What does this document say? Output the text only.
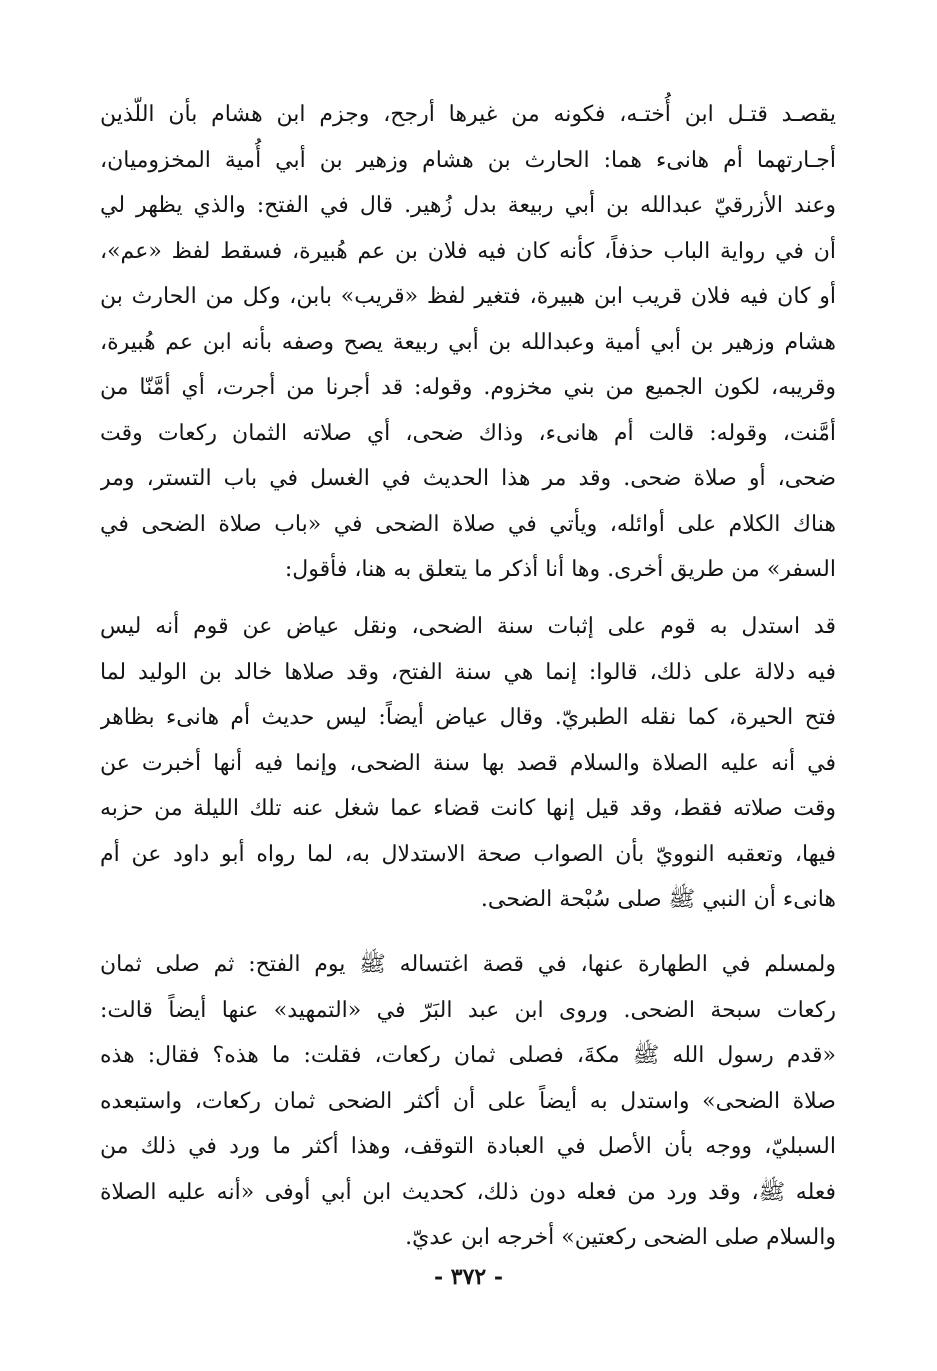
يقصـد قتـل ابن أُختـه، فكونه من غيرها أرجح، وجزم ابن هشام بأن اللّذين
أجـارتهما أم هانىء هما: الحارث بن هشام وزهير بن أبي أُمية المخزوميان،
وعند الأزرقيّ عبدالله بن أبي ربيعة بدل زُهير. قال في الفتح: والذي يظهر لي
أن في رواية الباب حذفاً، كأنه كان فيه فلان بن عم هُبيرة، فسقط لفظ «عم»،
أو كان فيه فلان قريب ابن هبيرة، فتغير لفظ «قريب» بابن، وكل من الحارث بن
هشام وزهير بن أبي أمية وعبدالله بن أبي ربيعة يصح وصفه بأنه ابن عم هُبيرة،
وقريبه، لكون الجميع من بني مخزوم. وقوله: قد أجرنا من أجرت، أي أمَّنّا من
أمَّنت، وقوله: قالت أم هانىء، وذاك ضحى، أي صلاته الثمان ركعات وقت
ضحى، أو صلاة ضحى. وقد مر هذا الحديث في الغسل في باب التستر، ومر
هناك الكلام على أوائله، ويأتي في صلاة الضحى في «باب صلاة الضحى في
السفر» من طريق أخرى. وها أنا أذكر ما يتعلق به هنا، فأقول:
قد استدل به قوم على إثبات سنة الضحى، ونقل عياض عن قوم أنه ليس
فيه دلالة على ذلك، قالوا: إنما هي سنة الفتح، وقد صلاها خالد بن الوليد لما
فتح الحيرة، كما نقله الطبريّ. وقال عياض أيضاً: ليس حديث أم هانىء بظاهر
في أنه عليه الصلاة والسلام قصد بها سنة الضحى، وإنما فيه أنها أخبرت عن
وقت صلاته فقط، وقد قيل إنها كانت قضاء عما شغل عنه تلك الليلة من حزبه
فيها، وتعقبه النوويّ بأن الصواب صحة الاستدلال به، لما رواه أبو داود عن أم
هانىء أن النبي ﷺ صلى سُبْحة الضحى.
ولمسلم في الطهارة عنها، في قصة اغتساله ﷺ يوم الفتح: ثم صلى ثمان
ركعات سبحة الضحى. وروى ابن عبد البَرّ في «التمهيد» عنها أيضاً قالت:
«قدم رسول الله ﷺ مكةَ، فصلى ثمان ركعات، فقلت: ما هذه؟ فقال: هذه
صلاة الضحى» واستدل به أيضاً على أن أكثر الضحى ثمان ركعات، واستبعده
السبليّ، ووجه بأن الأصل في العبادة التوقف، وهذا أكثر ما ورد في ذلك من
فعله ﷺ، وقد ورد من فعله دون ذلك، كحديث ابن أبي أوفى «أنه عليه الصلاة
والسلام صلى الضحى ركعتين» أخرجه ابن عديّ.
- ٣٧٢ -
